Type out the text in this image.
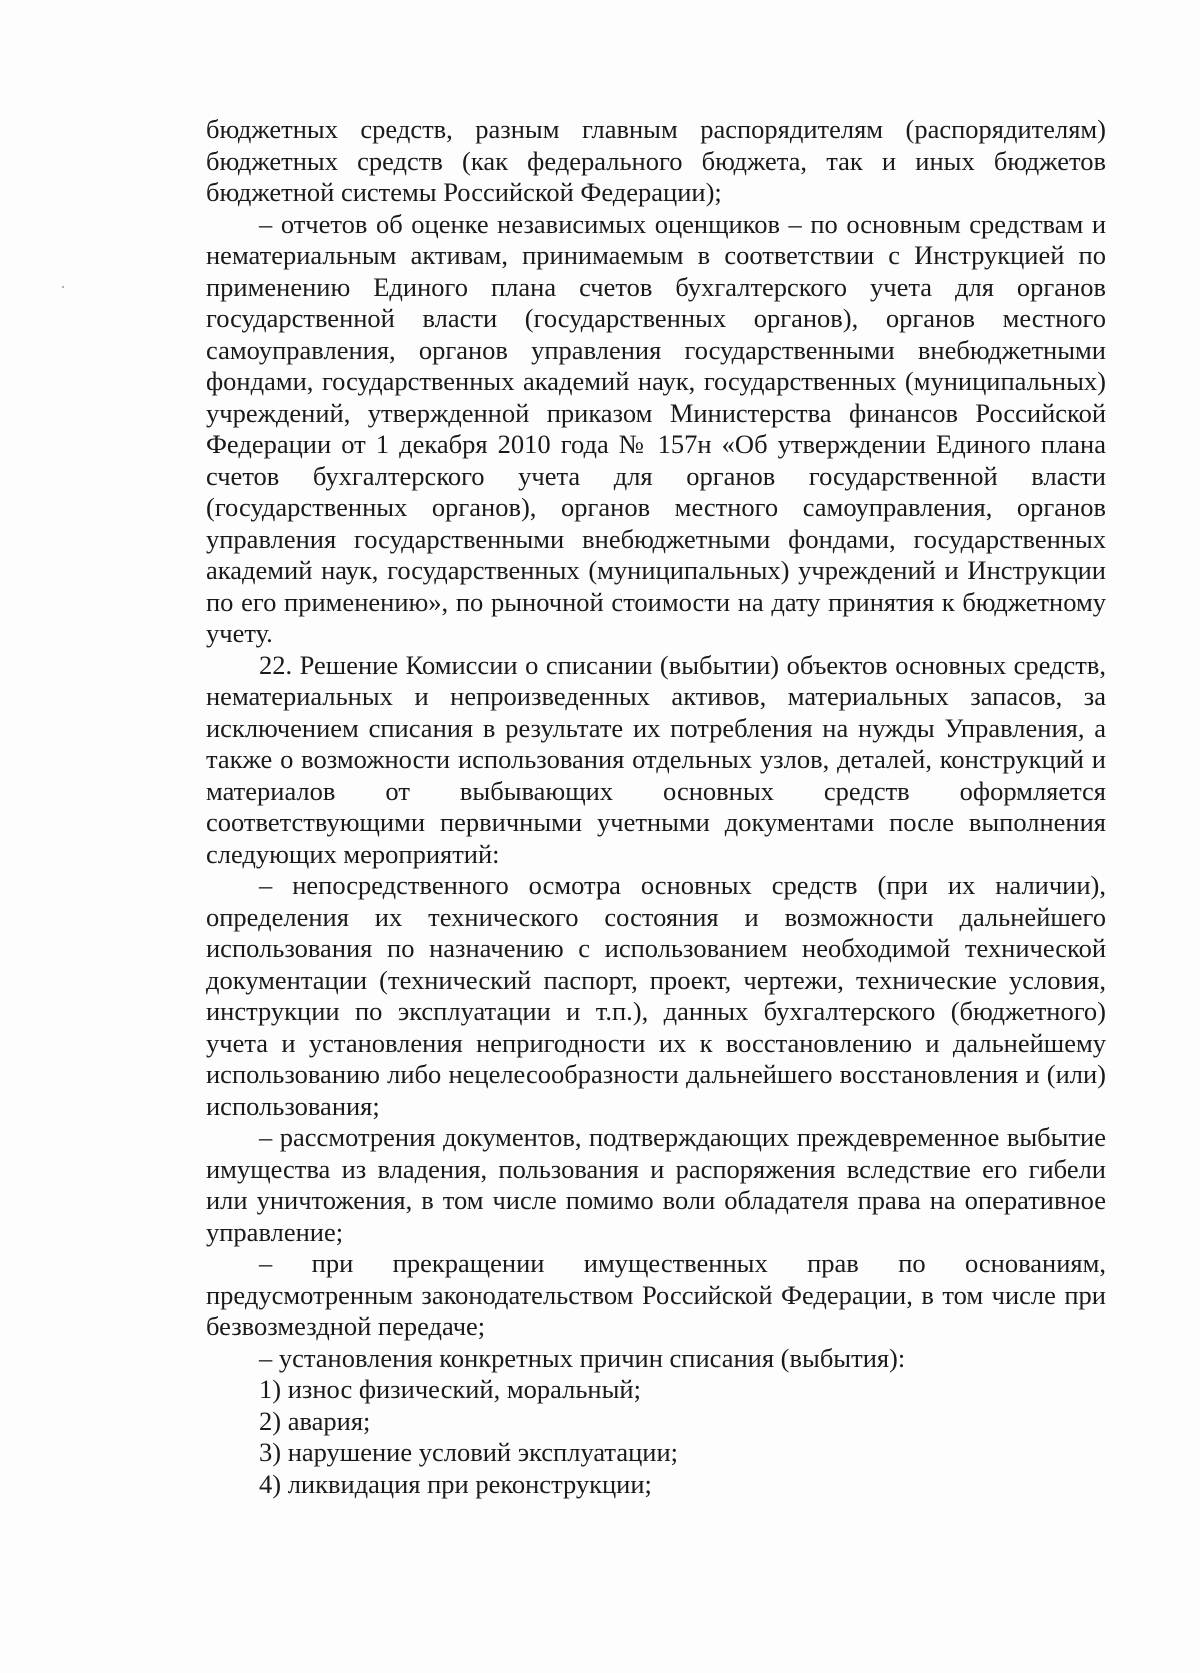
бюджетных средств, разным главным распорядителям (распорядителям) бюджетных средств (как федерального бюджета, так и иных бюджетов бюджетной системы Российской Федерации);

– отчетов об оценке независимых оценщиков – по основным средствам и нематериальным активам, принимаемым в соответствии с Инструкцией по применению Единого плана счетов бухгалтерского учета для органов государственной власти (государственных органов), органов местного самоуправления, органов управления государственными внебюджетными фондами, государственных академий наук, государственных (муниципальных) учреждений, утвержденной приказом Министерства финансов Российской Федерации от 1 декабря 2010 года № 157н «Об утверждении Единого плана счетов бухгалтерского учета для органов государственной власти (государственных органов), органов местного самоуправления, органов управления государственными внебюджетными фондами, государственных академий наук, государственных (муниципальных) учреждений и Инструкции по его применению», по рыночной стоимости на дату принятия к бюджетному учету.

22. Решение Комиссии о списании (выбытии) объектов основных средств, нематериальных и непроизведенных активов, материальных запасов, за исключением списания в результате их потребления на нужды Управления, а также о возможности использования отдельных узлов, деталей, конструкций и материалов от выбывающих основных средств оформляется соответствующими первичными учетными документами после выполнения следующих мероприятий:

– непосредственного осмотра основных средств (при их наличии), определения их технического состояния и возможности дальнейшего использования по назначению с использованием необходимой технической документации (технический паспорт, проект, чертежи, технические условия, инструкции по эксплуатации и т.п.), данных бухгалтерского (бюджетного) учета и установления непригодности их к восстановлению и дальнейшему использованию либо нецелесообразности дальнейшего восстановления и (или) использования;

– рассмотрения документов, подтверждающих преждевременное выбытие имущества из владения, пользования и распоряжения вследствие его гибели или уничтожения, в том числе помимо воли обладателя права на оперативное управление;

– при прекращении имущественных прав по основаниям, предусмотренным законодательством Российской Федерации, в том числе при безвозмездной передаче;

– установления конкретных причин списания (выбытия):

1) износ физический, моральный;
2) авария;
3) нарушение условий эксплуатации;
4) ликвидация при реконструкции;
